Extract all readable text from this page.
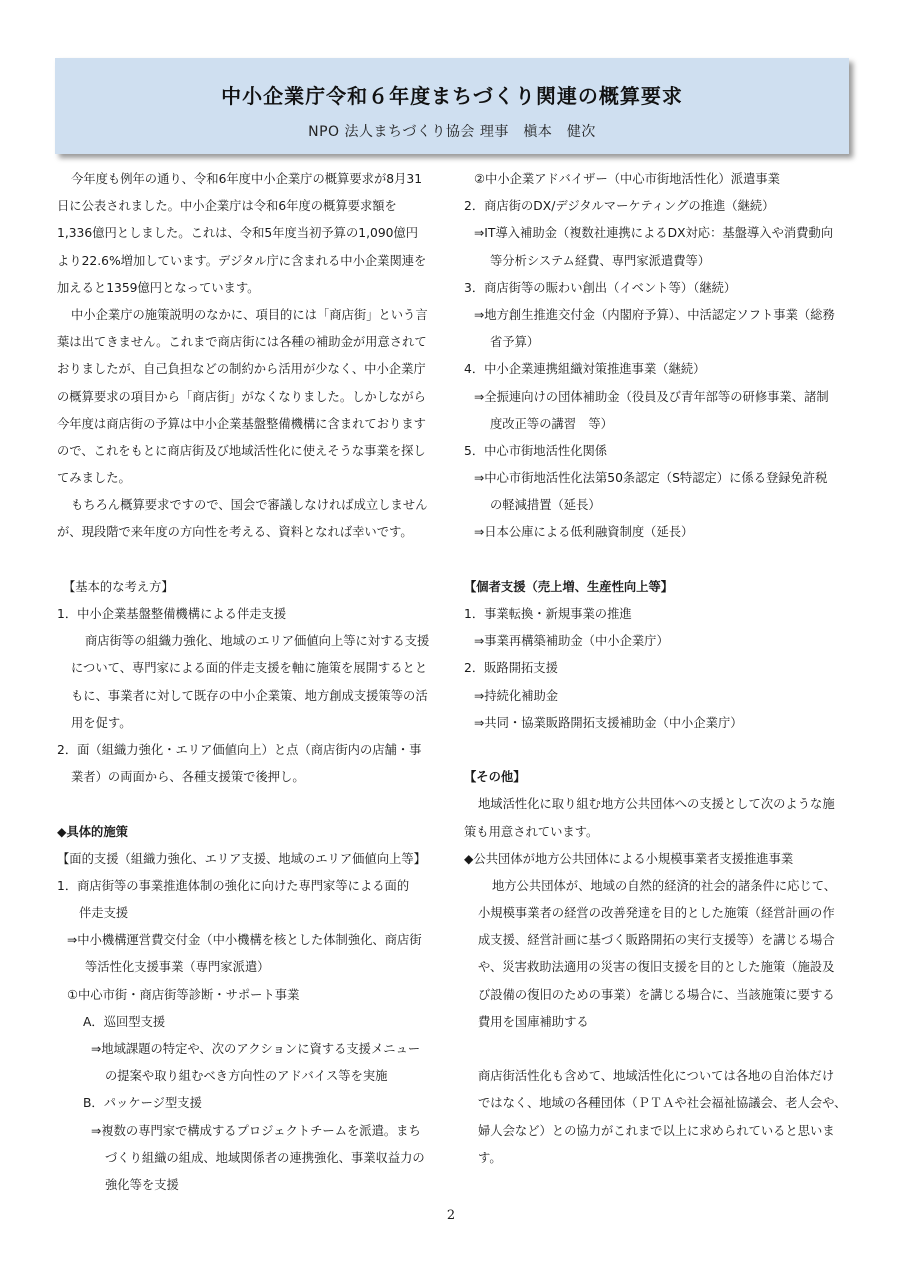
中小企業庁令和６年度まちづくり関連の概算要求
NPO 法人まちづくり協会 理事　槇本　健次
今年度も例年の通り、令和6年度中小企業庁の概算要求が8月31
日に公表されました。中小企業庁は令和6年度の概算要求額を
1,336億円としました。これは、令和5年度当初予算の1,090億円
より22.6%増加しています。デジタル庁に含まれる中小企業関連を
加えると1359億円となっています。
中小企業庁の施策説明のなかに、項目的には「商店街」という言
葉は出てきません。これまで商店街には各種の補助金が用意されて
おりましたが、自己負担などの制約から活用が少なく、中小企業庁
の概算要求の項目から「商店街」がなくなりました。しかしながら
今年度は商店街の予算は中小企業基盤整備機構に含まれております
ので、これをもとに商店街及び地域活性化に使えそうな事業を探し
てみました。
もちろん概算要求ですので、国会で審議しなければ成立しません
が、現段階で来年度の方向性を考える、資料となれば幸いです。
【基本的な考え方】
1．中小企業基盤整備機構による伴走支援
商店街等の組織力強化、地域のエリア価値向上等に対する支援
について、専門家による面的伴走支援を軸に施策を展開するとと
もに、事業者に対して既存の中小企業策、地方創成支援策等の活
用を促す。
2．面（組織力強化・エリア価値向上）と点（商店街内の店舗・事
業者）の両面から、各種支援策で後押し。
◆具体的施策
【面的支援（組織力強化、エリア支援、地域のエリア価値向上等】
1．商店街等の事業推進体制の強化に向けた専門家等による面的
伴走支援
⇒中小機構運営費交付金（中小機構を核とした体制強化、商店街
等活性化支援事業（専門家派遣）
①中心市街・商店街等診断・サポート事業
A．巡回型支援
⇒地域課題の特定や、次のアクションに資する支援メニュー
の提案や取り組むべき方向性のアドバイス等を実施
B．パッケージ型支援
⇒複数の専門家で構成するプロジェクトチームを派遣。まち
づくり組織の組成、地域関係者の連携強化、事業収益力の
強化等を支援
②中小企業アドバイザー（中心市街地活性化）派遣事業
2．商店街のDX/デジタルマーケティングの推進（継続）
⇒IT導入補助金（複数社連携によるDX対応：基盤導入や消費動向
等分析システム経費、専門家派遣費等）
3．商店街等の賑わい創出（イベント等）（継続）
⇒地方創生推進交付金（内閣府予算）、中活認定ソフト事業（総務
省予算）
4．中小企業連携組織対策推進事業（継続）
⇒全振連向けの団体補助金（役員及び青年部等の研修事業、諸制
度改正等の講習　等）
5．中心市街地活性化関係
⇒中心市街地活性化法第50条認定（S特認定）に係る登録免許税
の軽減措置（延長）
⇒日本公庫による低利融資制度（延長）
【個者支援（売上増、生産性向上等】
1．事業転換・新規事業の推進
⇒事業再構築補助金（中小企業庁）
2．販路開拓支援
⇒持続化補助金
⇒共同・協業販路開拓支援補助金（中小企業庁）
【その他】
地域活性化に取り組む地方公共団体への支援として次のような施
策も用意されています。
◆公共団体が地方公共団体による小規模事業者支援推進事業
地方公共団体が、地域の自然的経済的社会的諸条件に応じて、
小規模事業者の経営の改善発達を目的とした施策（経営計画の作
成支援、経営計画に基づく販路開拓の実行支援等）を講じる場合
や、災害救助法適用の災害の復旧支援を目的とした施策（施設及
び設備の復旧のための事業）を講じる場合に、当該施策に要する
費用を国庫補助する
商店街活性化も含めて、地域活性化については各地の自治体だけ
ではなく、地域の各種団体（ＰＴＡや社会福祉協議会、老人会や、
婦人会など）との協力がこれまで以上に求められていると思いま
す。
2
